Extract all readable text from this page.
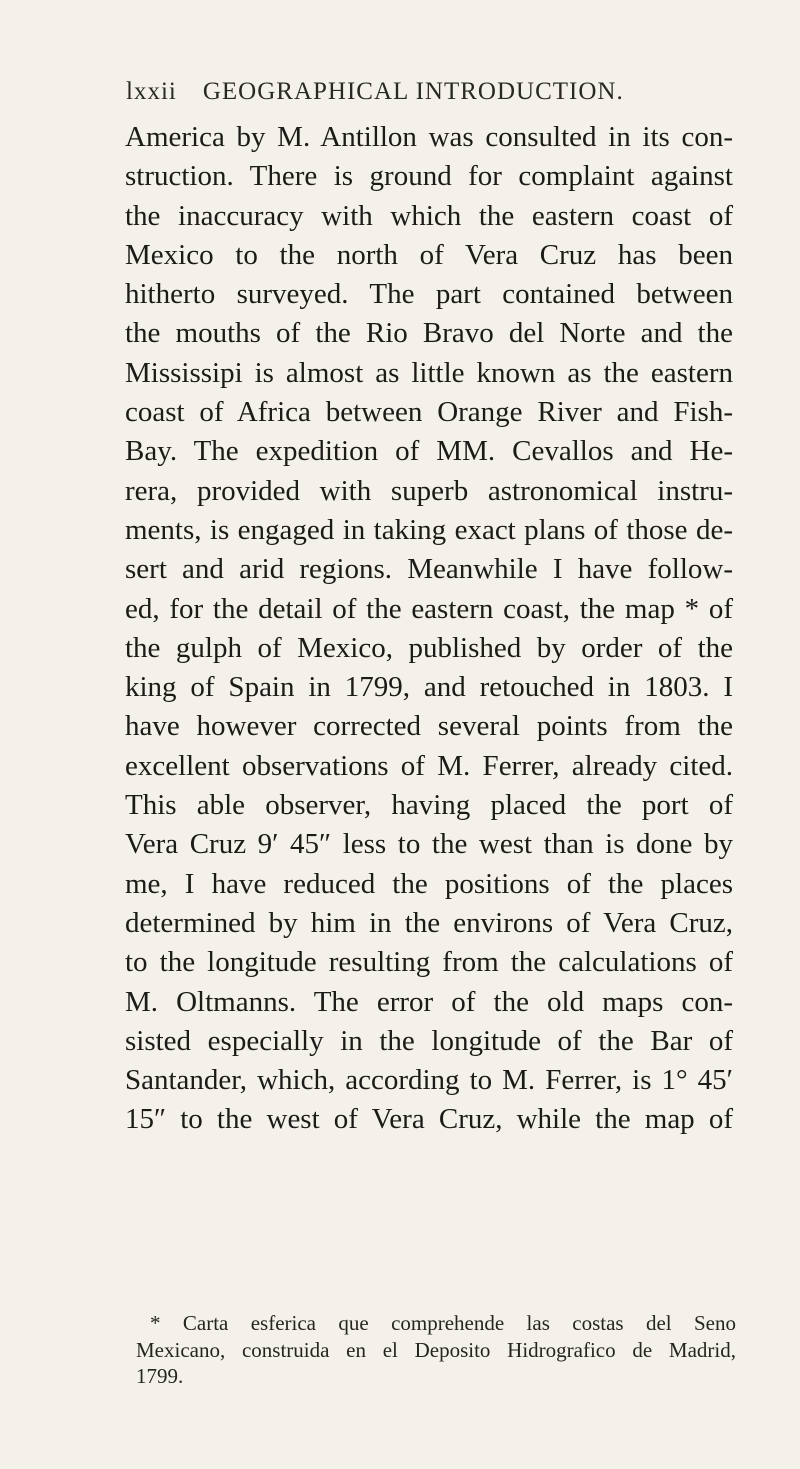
lxxii GEOGRAPHICAL INTRODUCTION.
America by M. Antillon was consulted in its con-
struction. There is ground for complaint against
the inaccuracy with which the eastern coast of
Mexico to the north of Vera Cruz has been
hitherto surveyed. The part contained between
the mouths of the Rio Bravo del Norte and the
Mississipi is almost as little known as the eastern
coast of Africa between Orange River and Fish-
Bay. The expedition of MM. Cevallos and He-
rera, provided with superb astronomical instru-
ments, is engaged in taking exact plans of those de-
sert and arid regions. Meanwhile I have follow-
ed, for the detail of the eastern coast, the map * of
the gulph of Mexico, published by order of the
king of Spain in 1799, and retouched in 1803. I
have however corrected several points from the
excellent observations of M. Ferrer, already cited.
This able observer, having placed the port of
Vera Cruz 9′ 45″ less to the west than is done by
me, I have reduced the positions of the places
determined by him in the environs of Vera Cruz,
to the longitude resulting from the calculations of
M. Oltmanns. The error of the old maps con-
sisted especially in the longitude of the Bar of
Santander, which, according to M. Ferrer, is 1° 45′
15″ to the west of Vera Cruz, while the map of
* Carta esferica que comprehende las costas del Seno
Mexicano, construida en el Deposito Hidrografico de Madrid,
1799.
